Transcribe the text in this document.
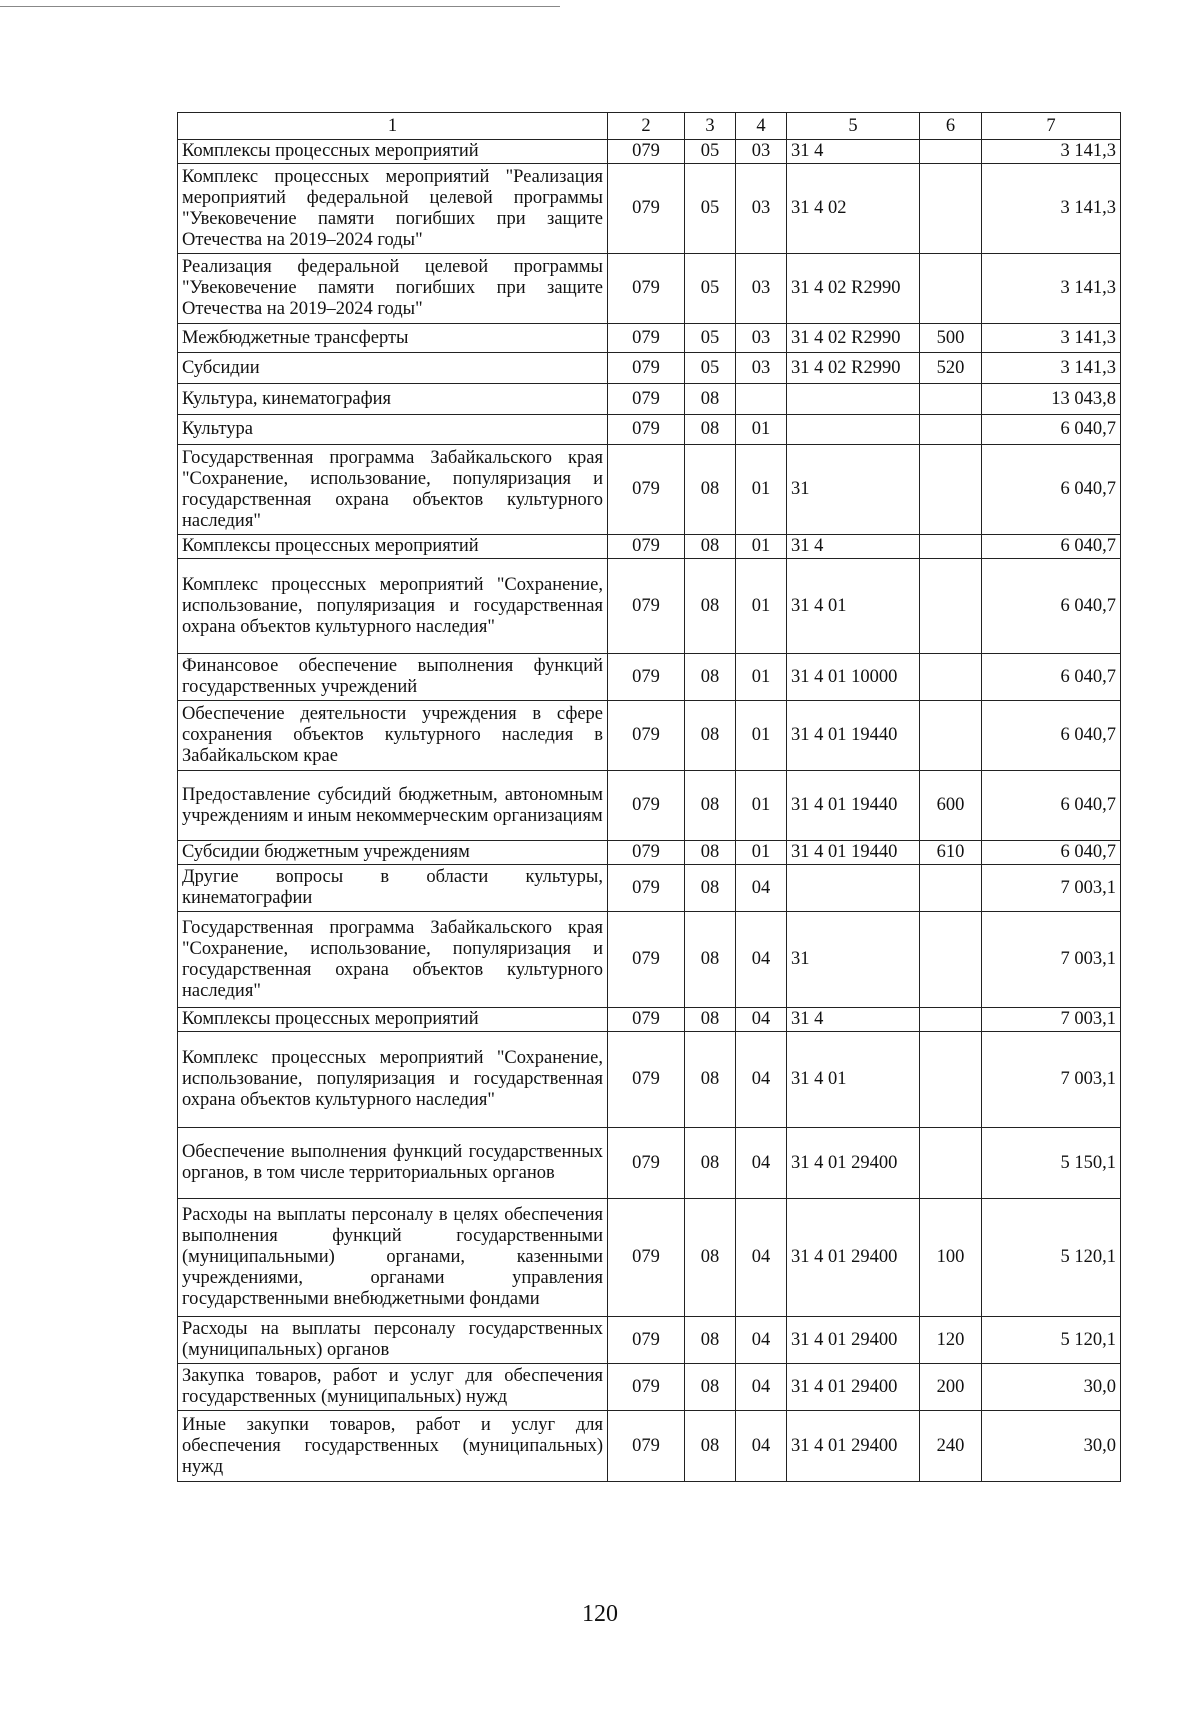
1	2	3	4	5	6	7
Комплексы процессных мероприятий	079	05	03	31 4		3 141,3
Комплекс процессных мероприятий "Реализация мероприятий федеральной целевой программы "Увековечение памяти погибших при защите Отечества на 2019–2024 годы"	079	05	03	31 4 02		3 141,3
Реализация федеральной целевой программы "Увековечение памяти погибших при защите Отечества на 2019–2024 годы"	079	05	03	31 4 02 R2990		3 141,3
Межбюджетные трансферты	079	05	03	31 4 02 R2990	500	3 141,3
Субсидии	079	05	03	31 4 02 R2990	520	3 141,3
Культура, кинематография	079	08				13 043,8
Культура	079	08	01			6 040,7
Государственная программа Забайкальского края "Сохранение, использование, популяризация и государственная охрана объектов культурного наследия"	079	08	01	31		6 040,7
Комплексы процессных мероприятий	079	08	01	31 4		6 040,7
Комплекс процессных мероприятий "Сохранение, использование, популяризация и государственная охрана объектов культурного наследия"	079	08	01	31 4 01		6 040,7
Финансовое обеспечение выполнения функций государственных учреждений	079	08	01	31 4 01 10000		6 040,7
Обеспечение деятельности учреждения в сфере сохранения объектов культурного наследия в Забайкальском крае	079	08	01	31 4 01 19440		6 040,7
Предоставление субсидий бюджетным, автономным учреждениям и иным некоммерческим организациям	079	08	01	31 4 01 19440	600	6 040,7
Субсидии бюджетным учреждениям	079	08	01	31 4 01 19440	610	6 040,7
Другие вопросы в области культуры, кинематографии	079	08	04			7 003,1
Государственная программа Забайкальского края "Сохранение, использование, популяризация и государственная охрана объектов культурного наследия"	079	08	04	31		7 003,1
Комплексы процессных мероприятий	079	08	04	31 4		7 003,1
Комплекс процессных мероприятий "Сохранение, использование, популяризация и государственная охрана объектов культурного наследия"	079	08	04	31 4 01		7 003,1
Обеспечение выполнения функций государственных органов, в том числе территориальных органов	079	08	04	31 4 01 29400		5 150,1
Расходы на выплаты персоналу в целях обеспечения выполнения функций государственными (муниципальными) органами, казенными учреждениями, органами управления государственными внебюджетными фондами	079	08	04	31 4 01 29400	100	5 120,1
Расходы на выплаты персоналу государственных (муниципальных) органов	079	08	04	31 4 01 29400	120	5 120,1
Закупка товаров, работ и услуг для обеспечения государственных (муниципальных) нужд	079	08	04	31 4 01 29400	200	30,0
Иные закупки товаров, работ и услуг для обеспечения государственных (муниципальных) нужд	079	08	04	31 4 01 29400	240	30,0
120
